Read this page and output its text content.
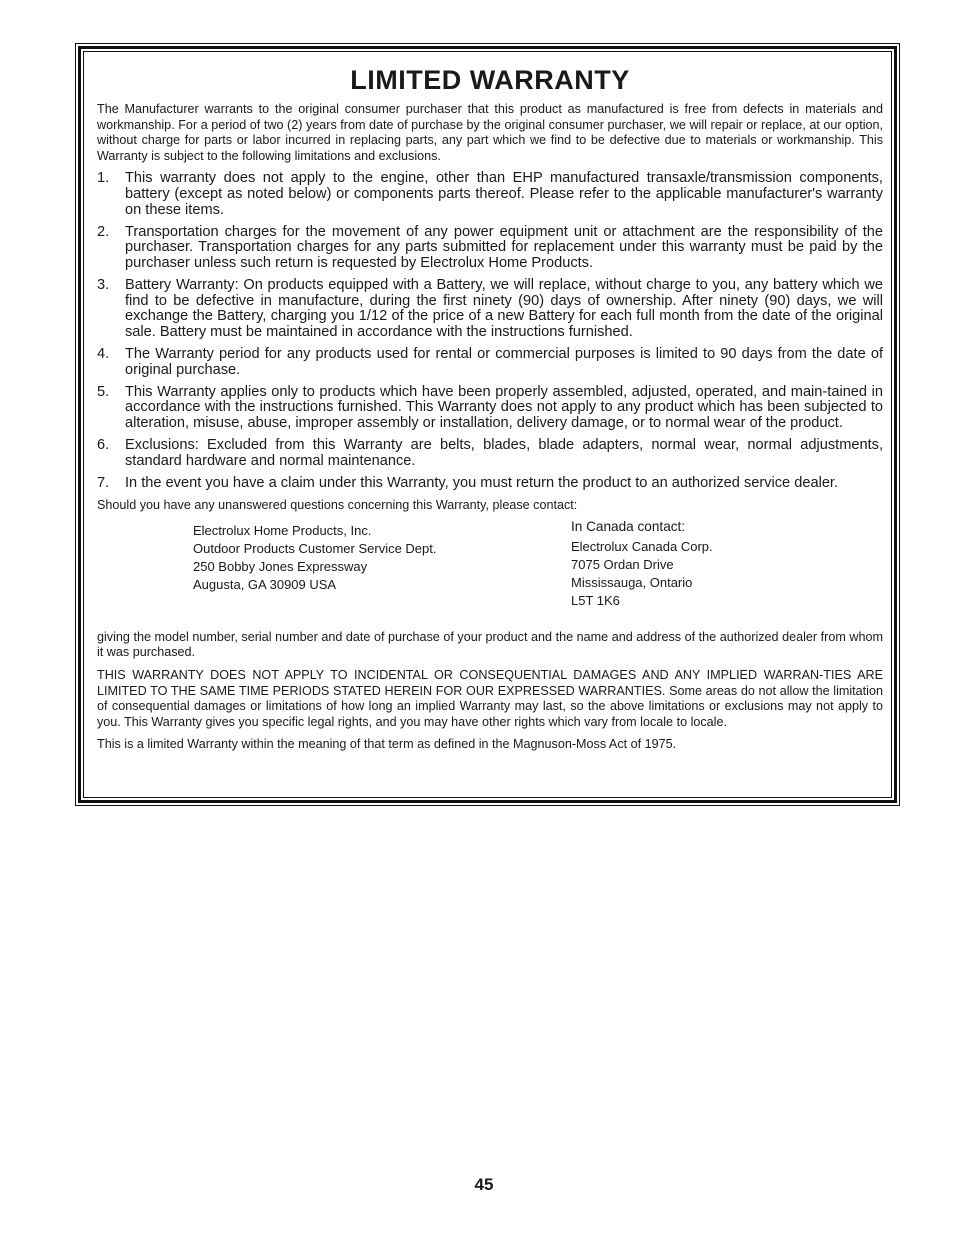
LIMITED WARRANTY

The Manufacturer warrants to the original consumer purchaser that this product as manufactured is free from defects in materials and workmanship. For a period of two (2) years from date of purchase by the original consumer purchaser, we will repair or replace, at our option, without charge for parts or labor incurred in replacing parts, any part which we find to be defective due to materials or workmanship. This Warranty is subject to the following limitations and exclusions.

1.	This warranty does not apply to the engine, other than EHP manufactured transaxle/transmission components, battery (except as noted below) or components parts thereof. Please refer to the applicable manufacturer's warranty on these items.
2.	Transportation charges for the movement of any power equipment unit or attachment are the responsibility of the purchaser. Transportation charges for any parts submitted for replacement under this warranty must be paid by the purchaser unless such return is requested by Electrolux Home Products.
3.	Battery Warranty: On products equipped with a Battery, we will replace, without charge to you, any battery which we find to be defective in manufacture, during the first ninety (90) days of ownership. After ninety (90) days, we will exchange the Battery, charging you 1/12 of the price of a new Battery for each full month from the date of the original sale. Battery must be maintained in accordance with the instructions furnished.
4.	The Warranty period for any products used for rental or commercial purposes is limited to 90 days from the date of original purchase.
5.	This Warranty applies only to products which have been properly assembled, adjusted, operated, and main-tained in accordance with the instructions furnished. This Warranty does not apply to any product which has been subjected to alteration, misuse, abuse, improper assembly or installation, delivery damage, or to normal wear of the product.
6.	Exclusions: Excluded from this Warranty are belts, blades, blade adapters, normal wear, normal adjustments, standard hardware and normal maintenance.
7.	In the event you have a claim under this Warranty, you must return the product to an authorized service dealer.

Should you have any unanswered questions concerning this Warranty, please contact:

Electrolux Home Products, Inc.
Outdoor Products Customer Service Dept.
250 Bobby Jones Expressway
Augusta, GA 30909 USA
In Canada contact:
Electrolux Canada Corp.
7075 Ordan Drive
Mississauga, Ontario
L5T 1K6

giving the model number, serial number and date of purchase of your product and the name and address of the authorized dealer from whom it was purchased.

THIS WARRANTY DOES NOT APPLY TO INCIDENTAL OR CONSEQUENTIAL DAMAGES AND ANY IMPLIED WARRAN-TIES ARE LIMITED TO THE SAME TIME PERIODS STATED HEREIN FOR OUR EXPRESSED WARRANTIES. Some areas do not allow the limitation of consequential damages or limitations of how long an implied Warranty may last, so the above limitations or exclusions may not apply to you. This Warranty gives you specific legal rights, and you may have other rights which vary from locale to locale.

This is a limited Warranty within the meaning of that term as defined in the Magnuson-Moss Act of 1975.

45
